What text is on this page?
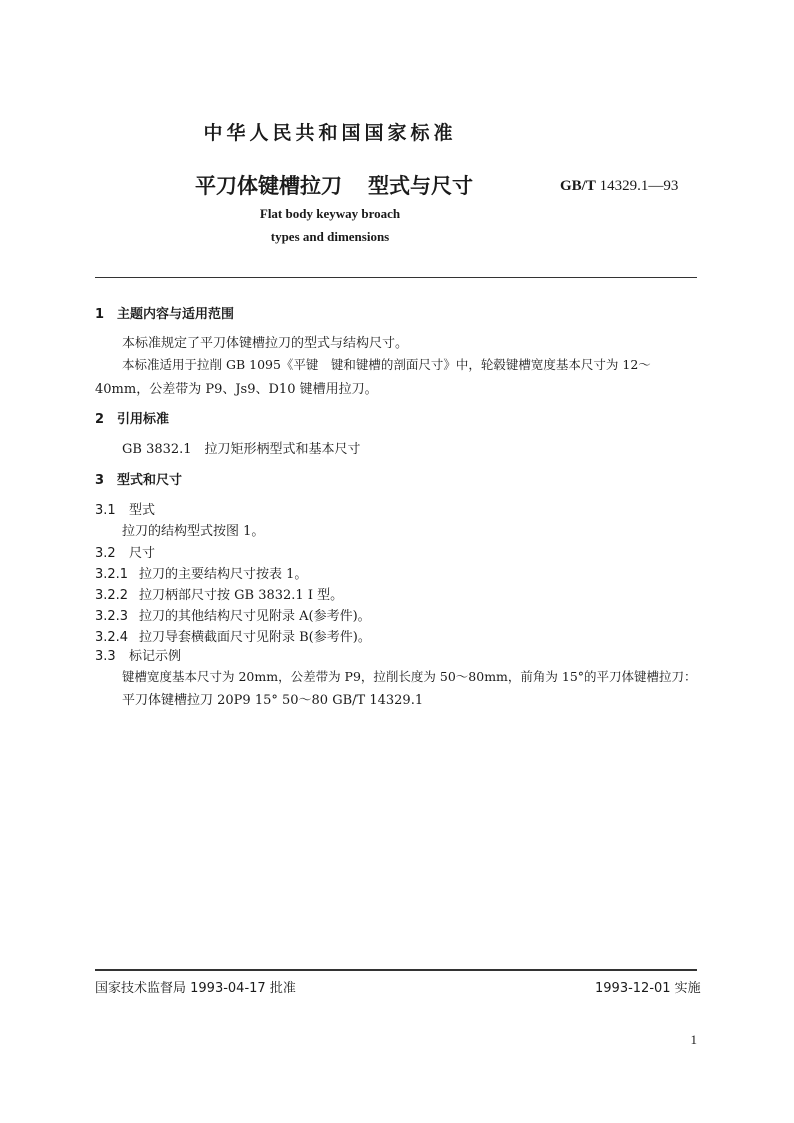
中华人民共和国国家标准
平刀体键槽拉刀 型式与尺寸	GB/T 14329.1—93
Flat body keyway broach
types and dimensions
1 主题内容与适用范围
本标准规定了平刀体键槽拉刀的型式与结构尺寸。
本标准适用于拉削 GB 1095《平键　键和键槽的剖面尺寸》中，轮毂键槽宽度基本尺寸为 12～
40mm，公差带为 P9、Js9、D10 键槽用拉刀。
2 引用标准
GB 3832.1　拉刀矩形柄型式和基本尺寸
3 型式和尺寸
3.1 型式
拉刀的结构型式按图 1。
3.2 尺寸
3.2.1 拉刀的主要结构尺寸按表 1。
3.2.2 拉刀柄部尺寸按 GB 3832.1 I 型。
3.2.3 拉刀的其他结构尺寸见附录 A(参考件)。
3.2.4 拉刀导套横截面尺寸见附录 B(参考件)。
3.3 标记示例
键槽宽度基本尺寸为 20mm，公差带为 P9，拉削长度为 50～80mm，前角为 15°的平刀体键槽拉刀：
平刀体键槽拉刀 20P9 15° 50～80 GB/T 14329.1
国家技术监督局 1993-04-17 批准	1993-12-01 实施
1
